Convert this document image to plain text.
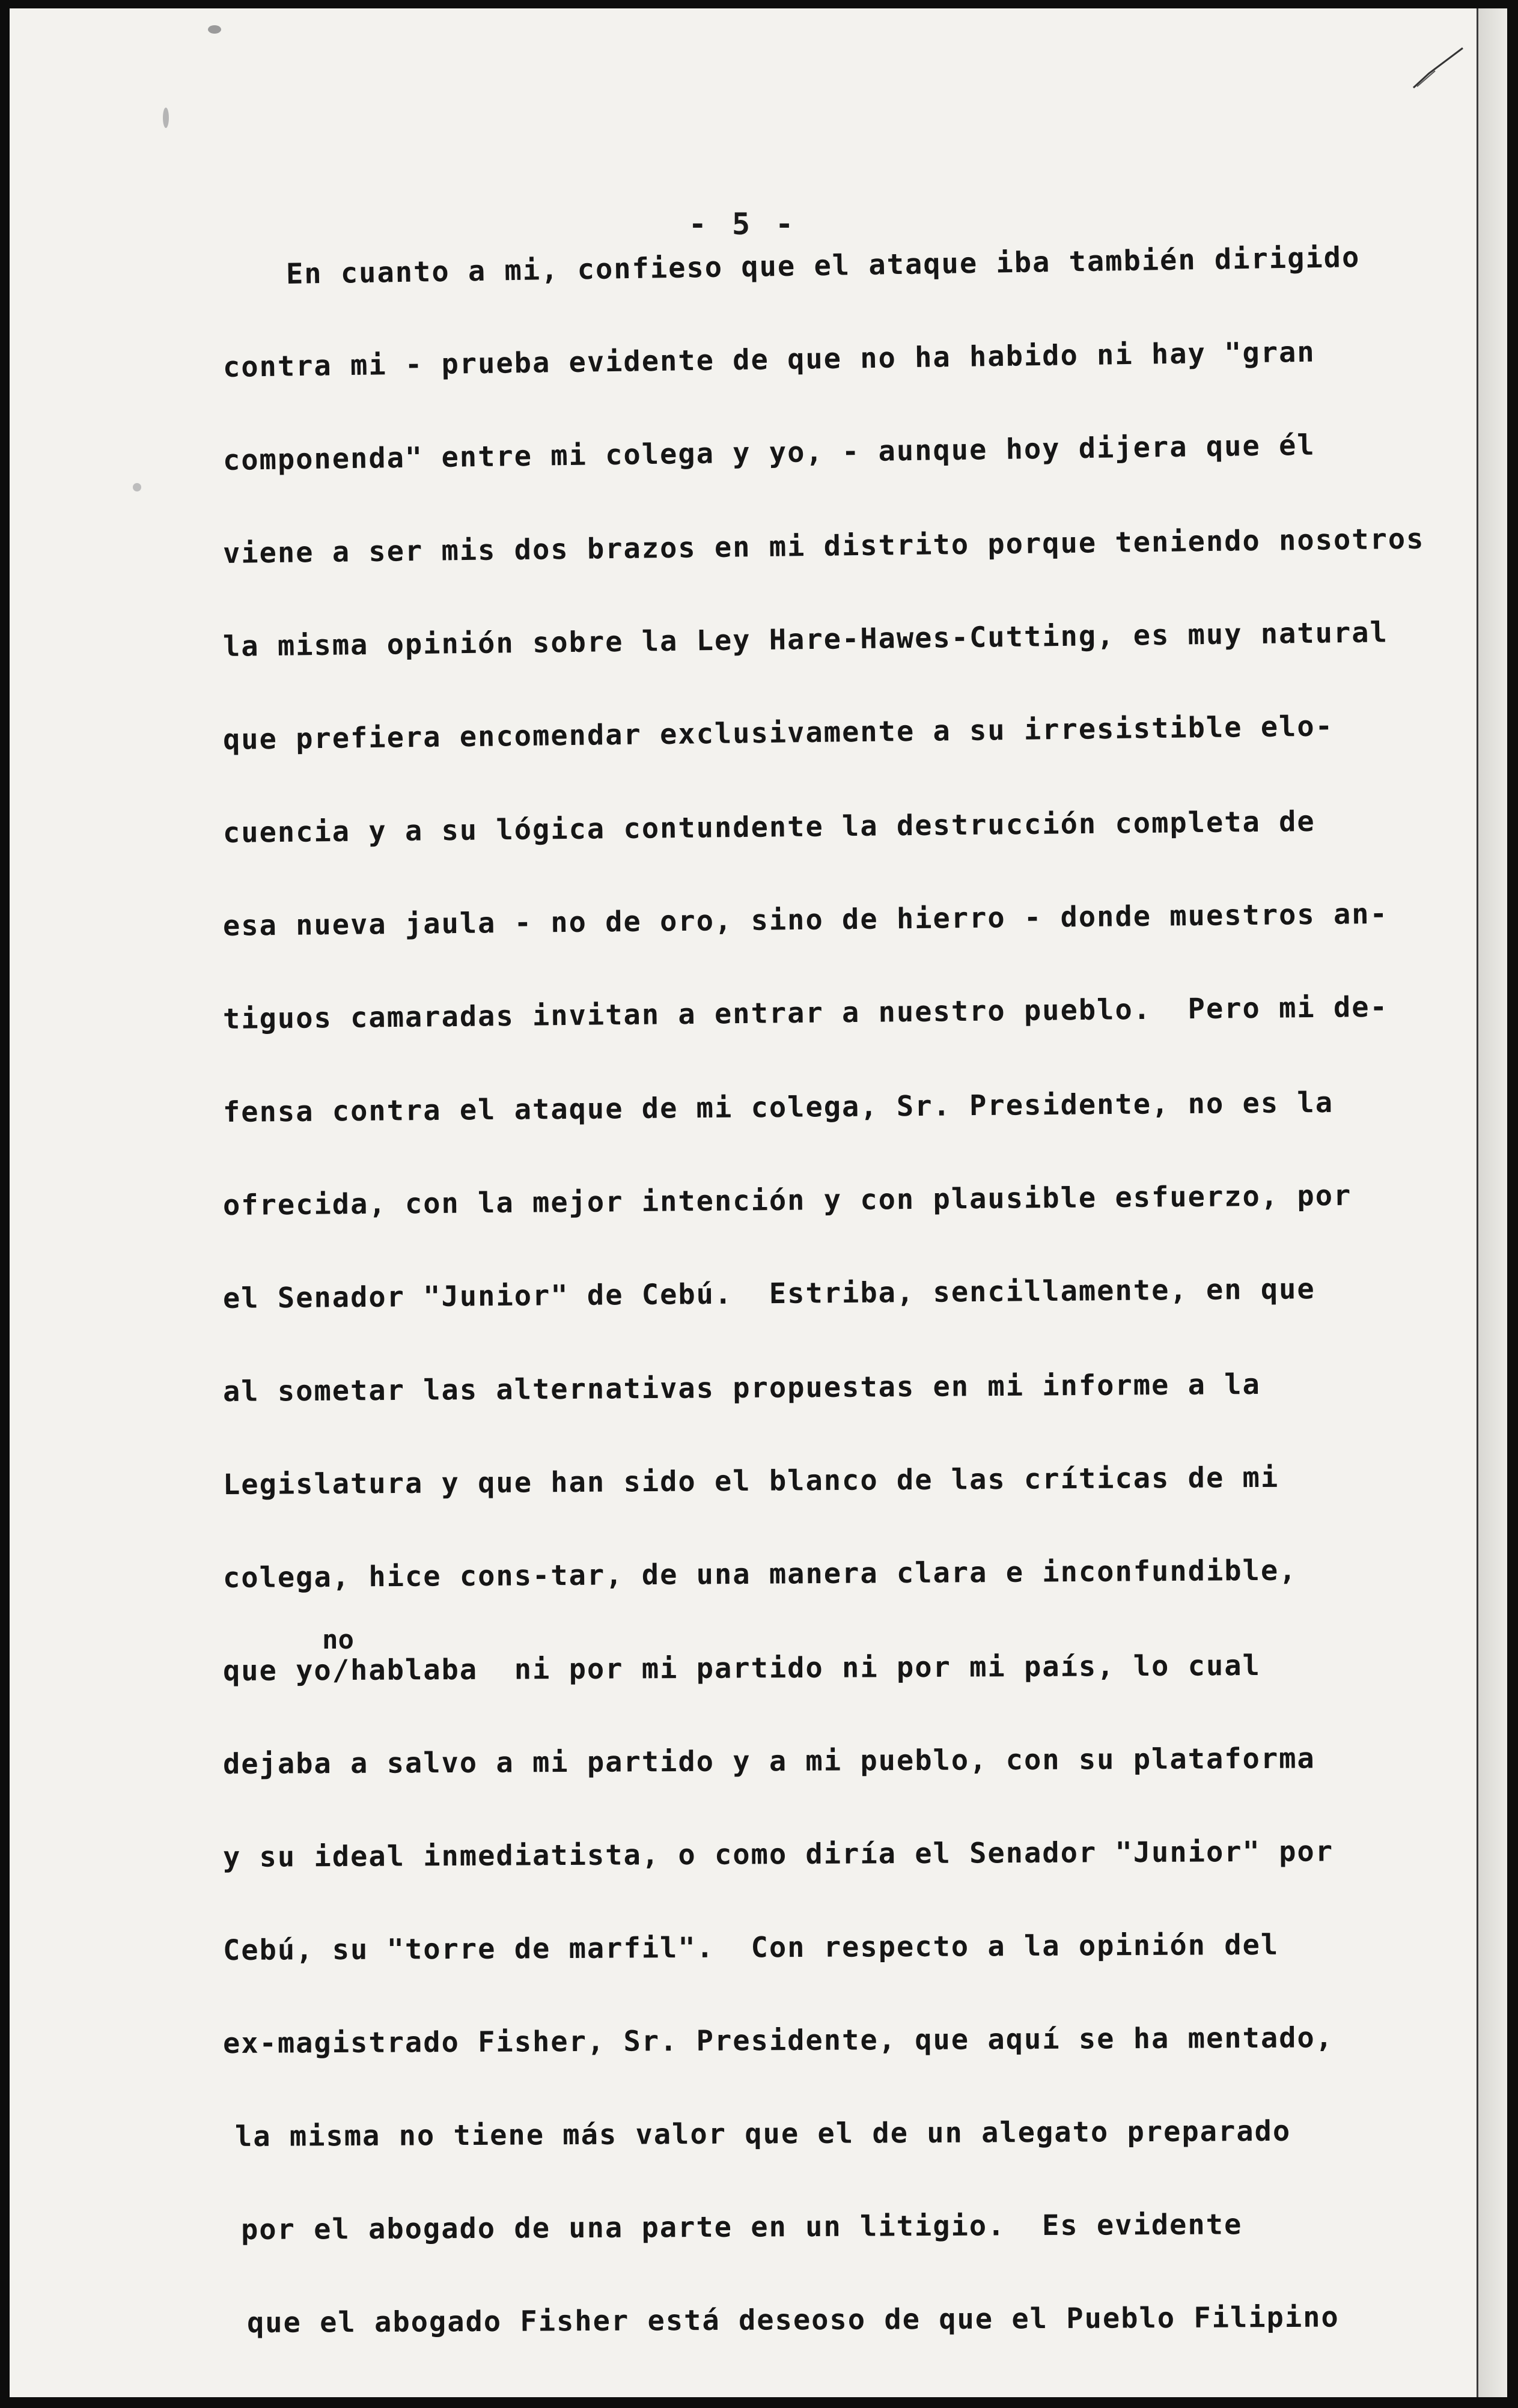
- 5 -
En cuanto a mi, confieso que el ataque iba también dirigido
contra mi - prueba evidente de que no ha habido ni hay "gran
componenda" entre mi colega y yo, - aunque hoy dijera que él
viene a ser mis dos brazos en mi distrito porque teniendo nosotros
la misma opinión sobre la Ley Hare-Hawes-Cutting, es muy natural
que prefiera encomendar exclusivamente a su irresistible elo-
cuencia y a su lógica contundente la destrucción completa de
esa nueva jaula - no de oro, sino de hierro - donde muestros an-
tiguos camaradas invitan a entrar a nuestro pueblo.  Pero mi de-
fensa contra el ataque de mi colega, Sr. Presidente, no es la
ofrecida, con la mejor intención y con plausible esfuerzo, por
el Senador "Junior" de Cebú.  Estriba, sencillamente, en que
al sometar las alternativas propuestas en mi informe a la
Legislatura y que han sido el blanco de las críticas de mi
colega, hice cons-tar, de una manera clara e inconfundible,
no
que yo/hablaba  ni por mi partido ni por mi país, lo cual
dejaba a salvo a mi partido y a mi pueblo, con su plataforma
y su ideal inmediatista, o como diría el Senador "Junior" por
Cebú, su "torre de marfil".  Con respecto a la opinión del
ex-magistrado Fisher, Sr. Presidente, que aquí se ha mentado,
la misma no tiene más valor que el de un alegato preparado
por el abogado de una parte en un litigio.  Es evidente
que el abogado Fisher está deseoso de que el Pueblo Filipino
